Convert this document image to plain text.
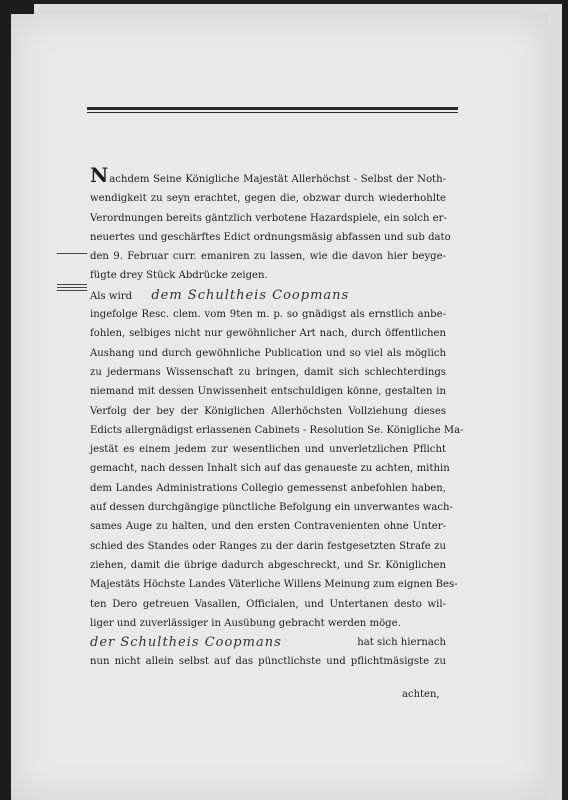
Nachdem Seine Königliche Majestät Allerhöchst - Selbst der Noth-
wendigkeit zu seyn erachtet, gegen die, obzwar durch wiederhohlte
Verordnungen bereits gäntzlich verbotene Hazardspiele, ein solch er-
neuertes und geschärftes Edict ordnungsmäsig abfassen und sub dato
den 9. Februar curr. emaniren zu lassen, wie die davon hier beyge-
fügte drey Stück Abdrücke zeigen.
Als wird dem Schultheis Coopmans
ingefolge Resc. clem. vom 9ten m. p. so gnädigst als ernstlich anbe-
fohlen, selbiges nicht nur gewöhnlicher Art nach, durch öffentlichen
Aushang und durch gewöhnliche Publication und so viel als möglich
zu jedermans Wissenschaft zu bringen, damit sich schlechterdings
niemand mit dessen Unwissenheit entschuldigen könne, gestalten in
Verfolg der bey der Königlichen Allerhöchsten Vollziehung dieses
Edicts allergnädigst erlassenen Cabinets - Resolution Se. Königliche Ma-
jestät es einem jedem zur wesentlichen und unverletzlichen Pflicht
gemacht, nach dessen Inhalt sich auf das genaueste zu achten, mithin
dem Landes Administrations Collegio gemessenst anbefohlen haben,
auf dessen durchgängige pünctliche Befolgung ein unverwantes wach-
sames Auge zu halten, und den ersten Contravenienten ohne Unter-
schied des Standes oder Ranges zu der darin festgesetzten Strafe zu
ziehen, damit die übrige dadurch abgeschreckt, und Sr. Königlichen
Majestäts Höchste Landes Väterliche Willens Meinung zum eignen Bes-
ten Dero getreuen Vasallen, Officialen, und Untertanen desto wil-
liger und zuverlässiger in Ausübung gebracht werden möge.
der Schultheis Coopmans	hat sich hiernach
nun nicht allein selbst auf das pünctlichste und pflichtmäsigste zu
achten,
